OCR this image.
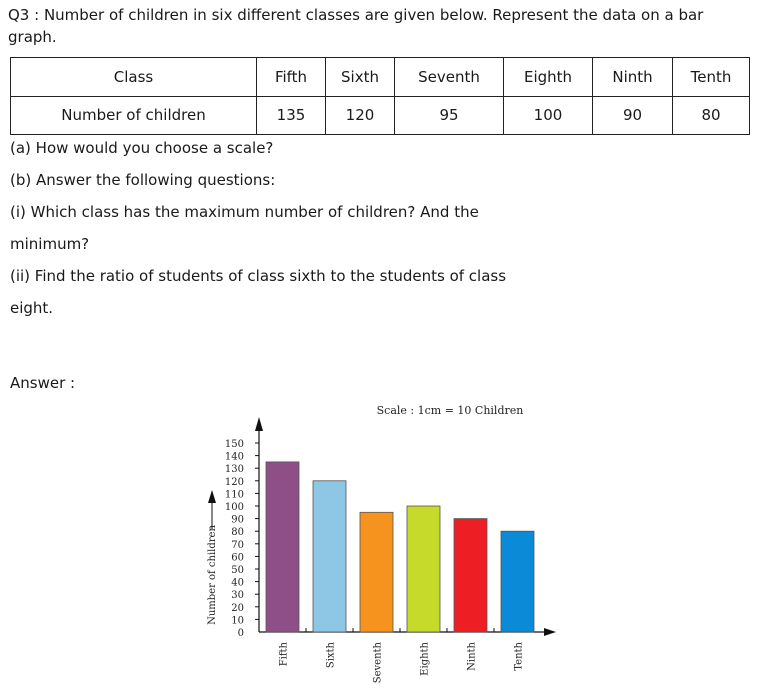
Q3 : Number of children in six different classes are given below. Represent the data on a bar graph.
Class	Fifth	Sixth	Seventh	Eighth	Ninth	Tenth
Number of children	135	120	95	100	90	80
(a) How would you choose a scale?
(b) Answer the following questions:
(i) Which class has the maximum number of children? And the
minimum?
(ii) Find the ratio of students of class sixth to the students of class
eight.
Answer :
0
10
20
30
40
50
60
70
80
90
100
110
120
130
140
150
Fifth	Sixth	Seventh	Eighth	Ninth	Tenth
Scale : 1cm = 10 Children
Number of children
